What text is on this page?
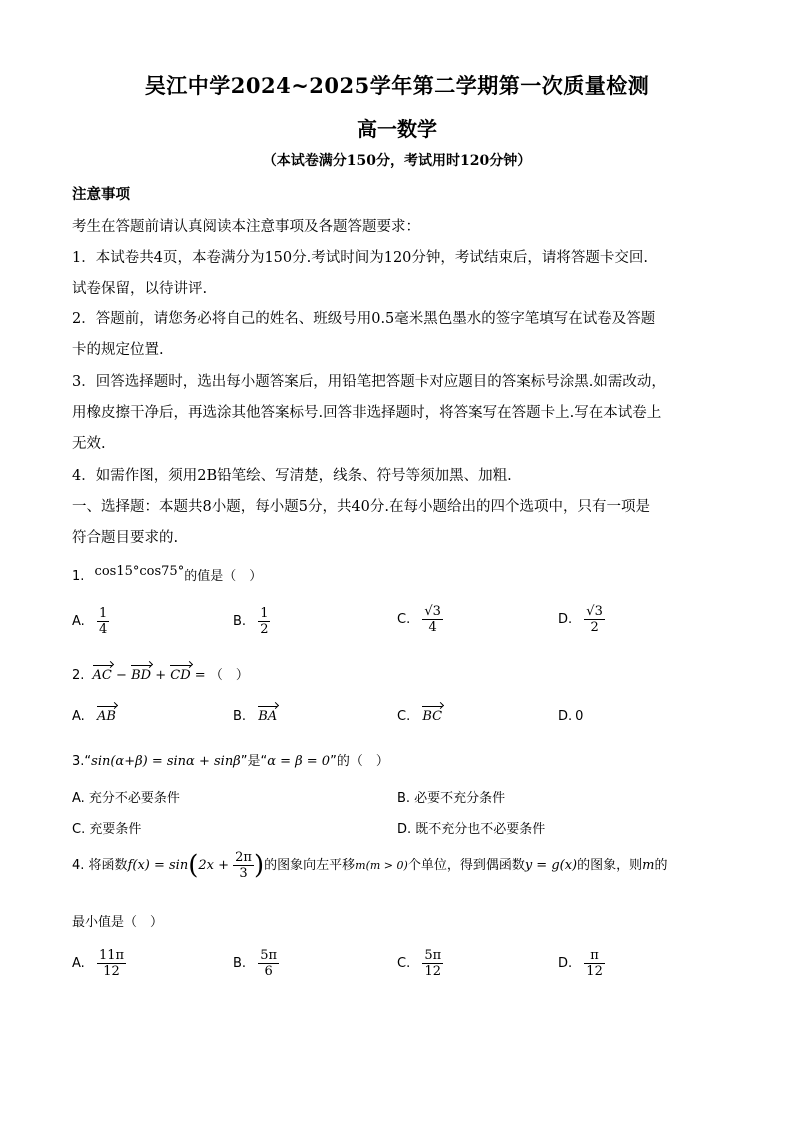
吴江中学2024~2025学年第二学期第一次质量检测
高一数学
（本试卷满分150分，考试用时120分钟）
注意事项
考生在答题前请认真阅读本注意事项及各题答题要求：
1．本试卷共4页，本卷满分为150分.考试时间为120分钟，考试结束后，请将答题卡交回.
试卷保留，以待讲评.
2．答题前，请您务必将自己的姓名、班级号用0.5毫米黑色墨水的签字笔填写在试卷及答题
卡的规定位置.
3．回答选择题时，选出每小题答案后，用铅笔把答题卡对应题目的答案标号涂黑.如需改动，
用橡皮擦干净后，再选涂其他答案标号.回答非选择题时，将答案写在答题卡上.写在本试卷上
无效.
4．如需作图，须用2B铅笔绘、写清楚，线条、符号等须加黑、加粗.
一、选择题：本题共8小题，每小题5分，共40分.在每小题给出的四个选项中，只有一项是
符合题目要求的.
1. cos15°cos75°的值是（　）
A. $\frac{1}{4}$	B. $\frac{1}{2}$	C. $\frac{√3}{4}$	D. $\frac{√3}{2}$
2. AC − BD + CD = （　）
A. AB	B. BA	C. BC	D. 0
3.“sin(α+β) = sinα + sinβ”是“α = β = 0”的（　）
A. 充分不必要条件	B. 必要不充分条件
C. 充要条件	D. 既不充分也不必要条件
4. 将函数$f(x) = \sin(2x + \frac{2\pi}{3}$ )的图象向左平移m(m > 0)个单位，得到偶函数y = g(x)的图象，则m的
最小值是（　）
A. $\frac{11\pi}{12}$	B. $\frac{5\pi}{6}$	C. $\frac{5\pi}{12}$	D. $\frac{\pi}{12}$
